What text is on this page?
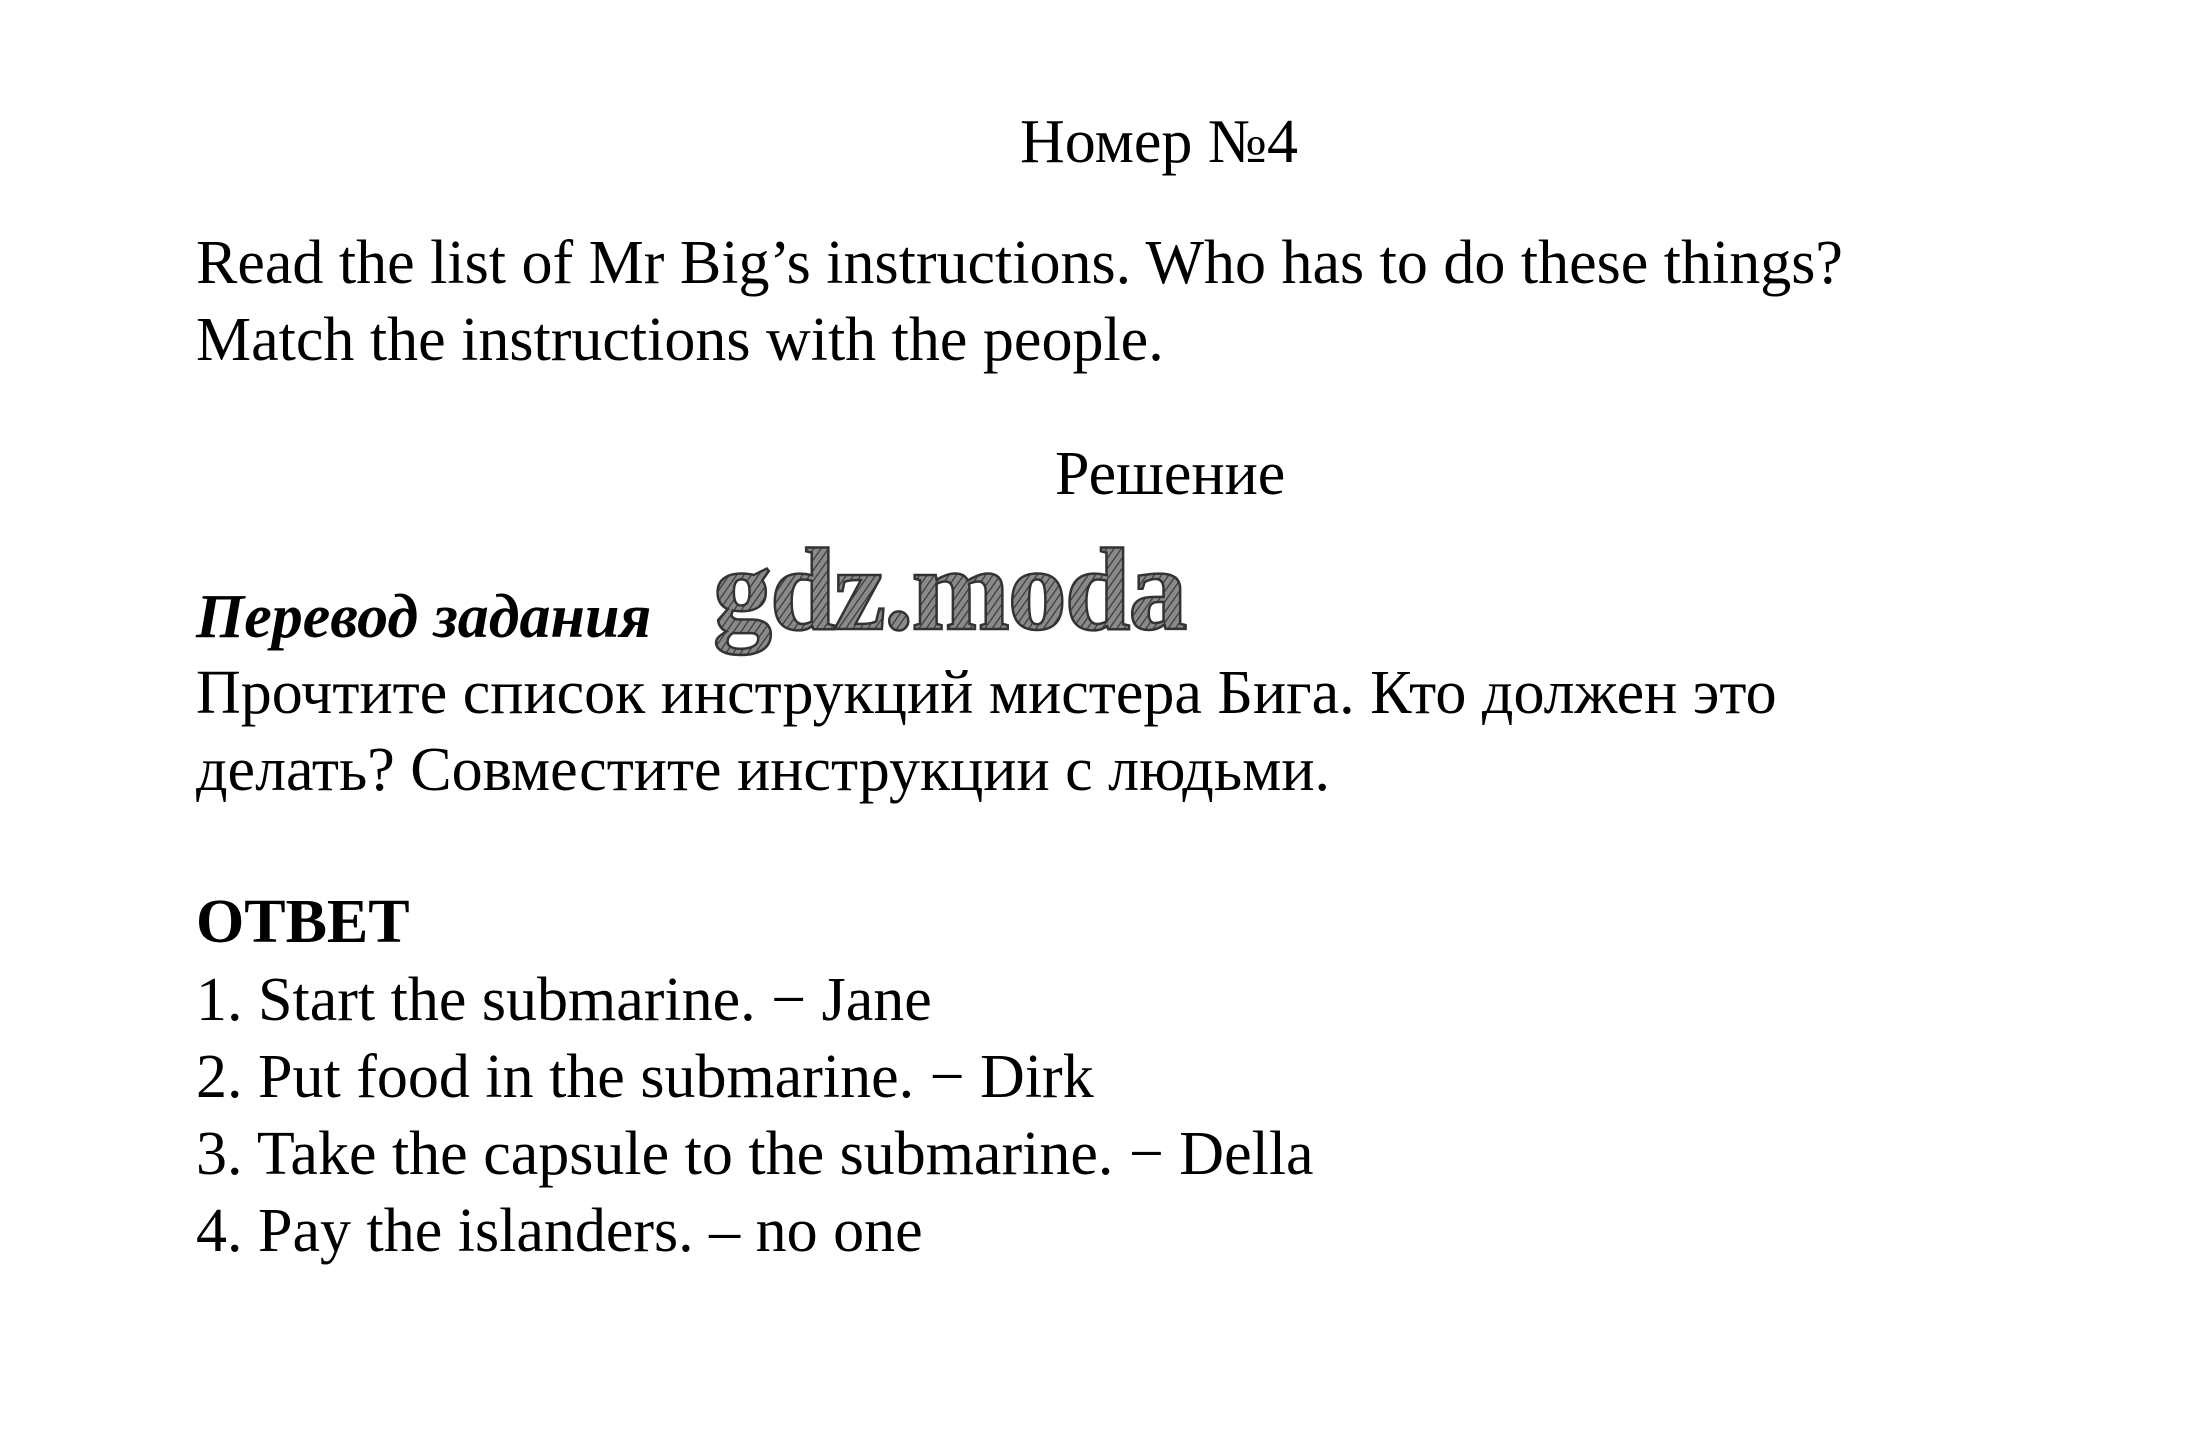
Номер №4
Read the list of Mr Big’s instructions. Who has to do these things?
Match the instructions with the people.
Решение
Перевод задания gdz.moda
Прочтите список инструкций мистера Бига. Кто должен это
делать? Совместите инструкции с людьми.
ОТВЕТ
1. Start the submarine. − Jane
2. Put food in the submarine. − Dirk
3. Take the capsule to the submarine. − Della
4. Pay the islanders. – no one
